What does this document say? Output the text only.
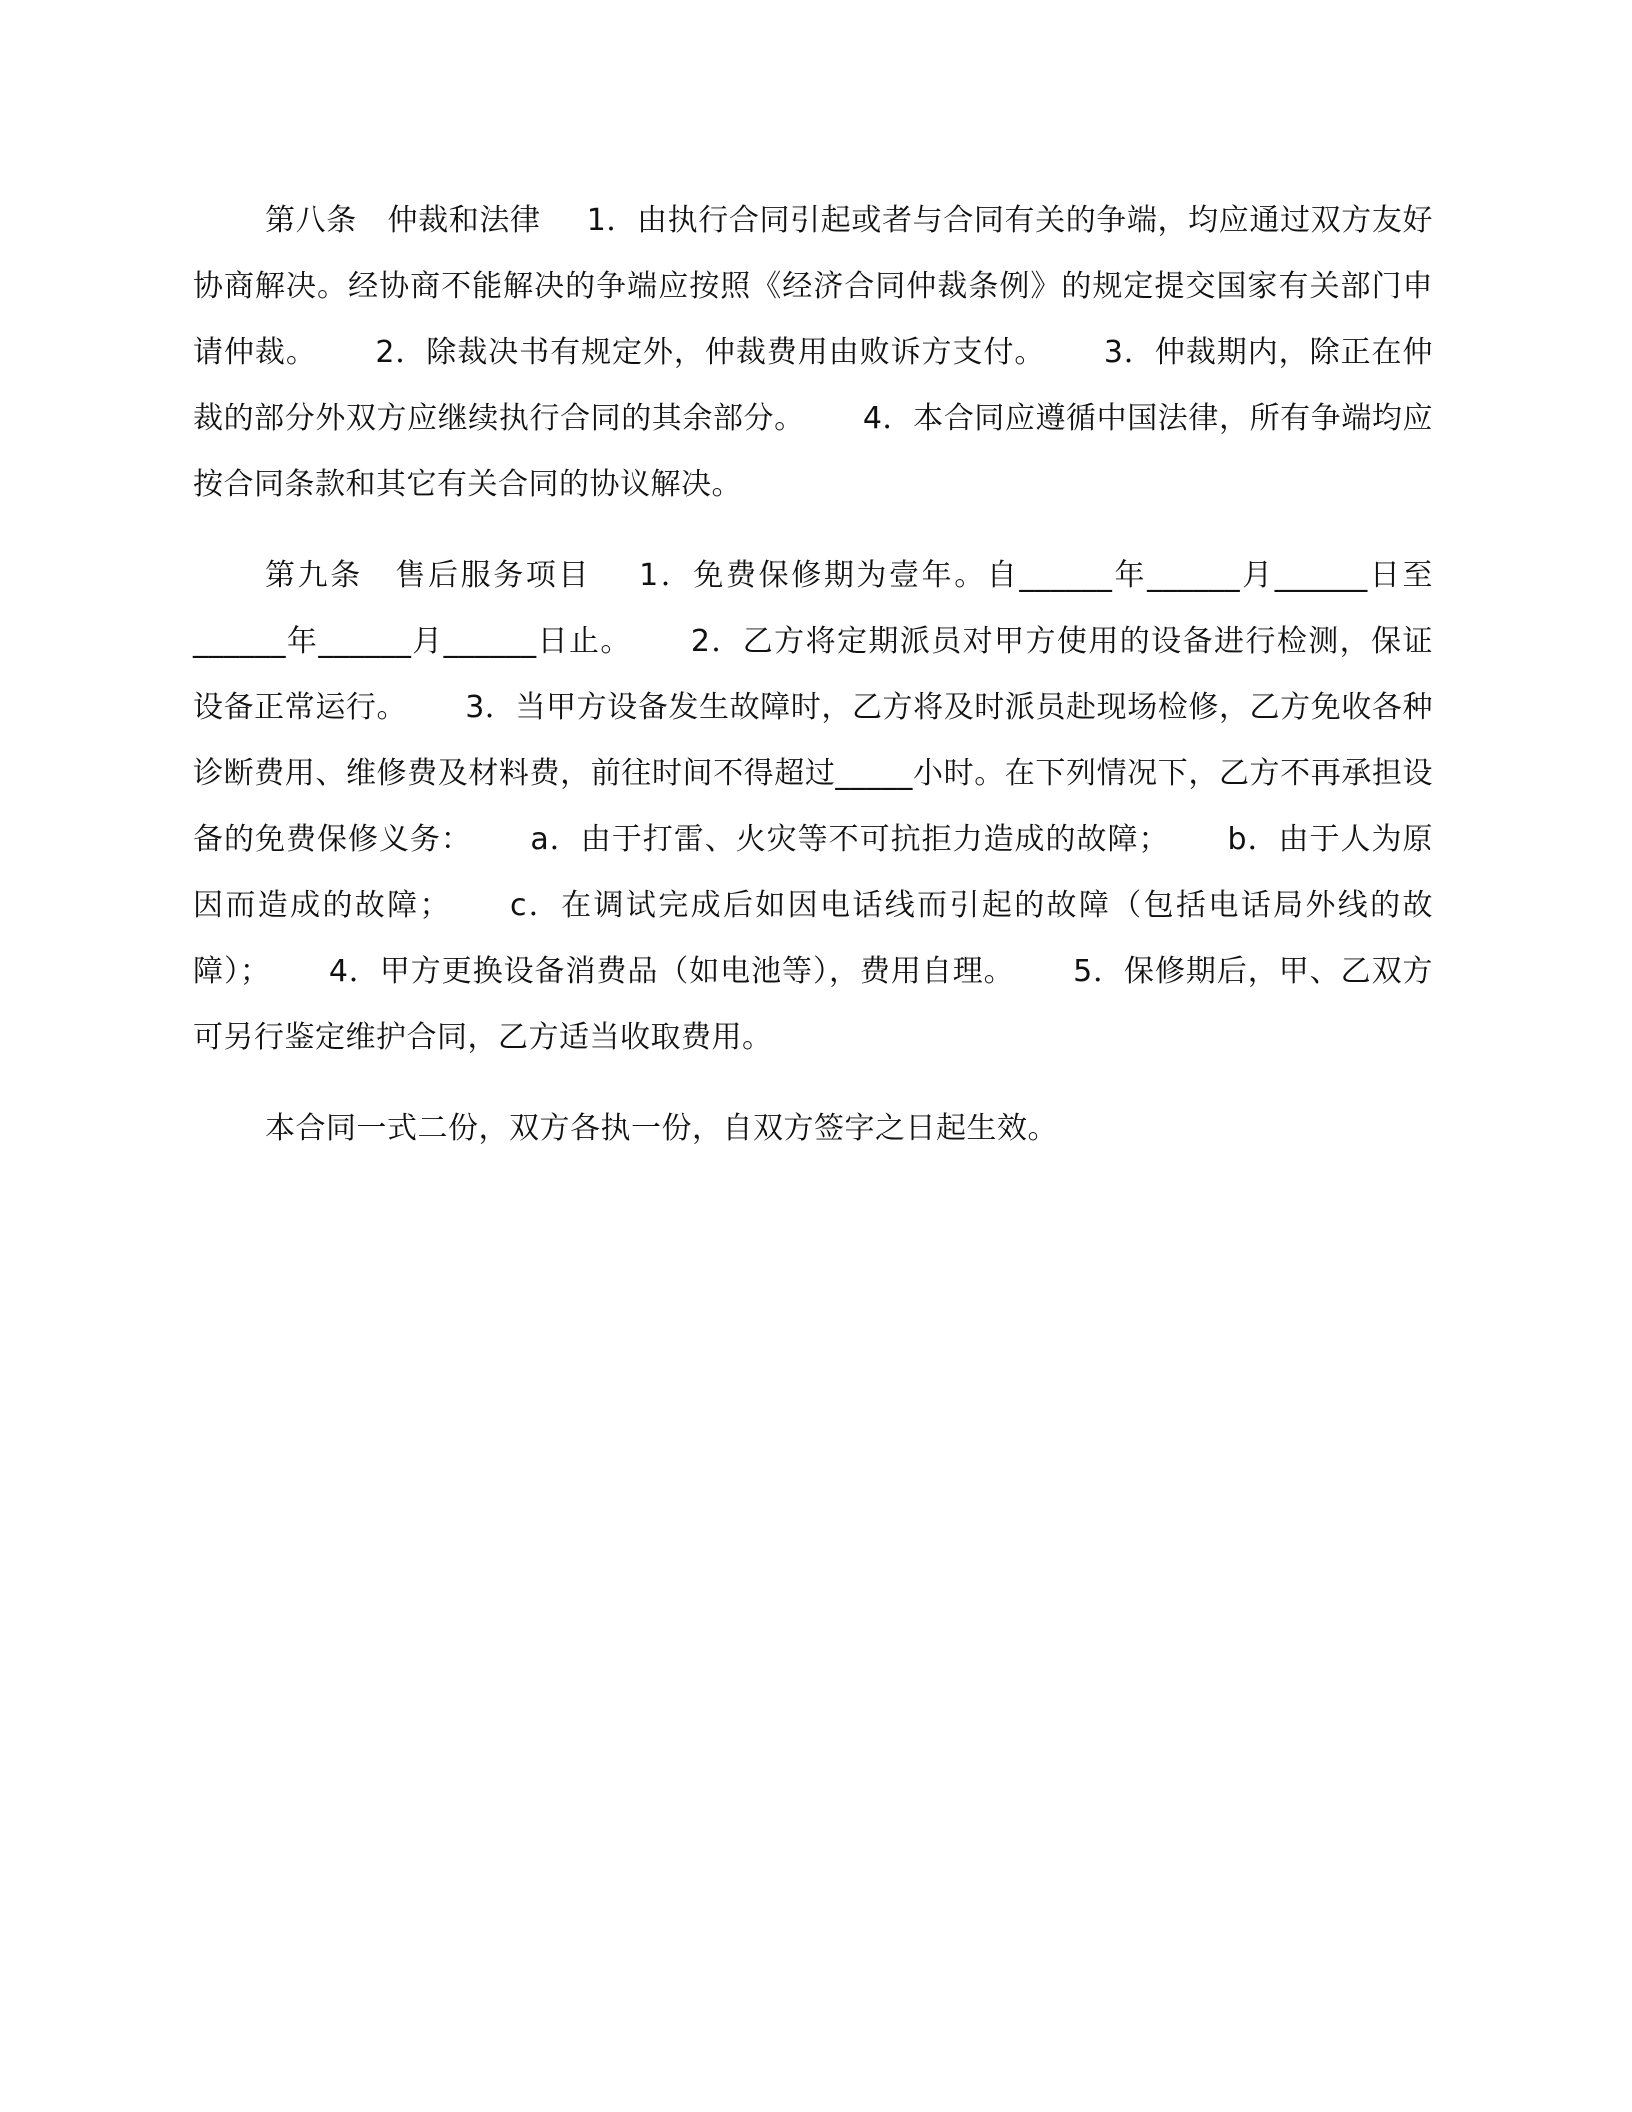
第八条　仲裁和法律 1．由执行合同引起或者与合同有关的争端，均应通过双方友好协商解决。经协商不能解决的争端应按照《经济合同仲裁条例》的规定提交国家有关部门申请仲裁。 2．除裁决书有规定外，仲裁费用由败诉方支付。 3．仲裁期内，除正在仲裁的部分外双方应继续执行合同的其余部分。 4．本合同应遵循中国法律，所有争端均应按合同条款和其它有关合同的协议解决。

第九条　售后服务项目 1．免费保修期为壹年。自______年______月______日至______年______月______日止。 2．乙方将定期派员对甲方使用的设备进行检测，保证设备正常运行。 3．当甲方设备发生故障时，乙方将及时派员赴现场检修，乙方免收各种诊断费用、维修费及材料费，前往时间不得超过_____小时。在下列情况下，乙方不再承担设备的免费保修义务： a．由于打雷、火灾等不可抗拒力造成的故障； b．由于人为原因而造成的故障； c．在调试完成后如因电话线而引起的故障（包括电话局外线的故障）； 4．甲方更换设备消费品（如电池等），费用自理。 5．保修期后，甲、乙双方可另行鉴定维护合同，乙方适当收取费用。

本合同一式二份，双方各执一份，自双方签字之日起生效。
